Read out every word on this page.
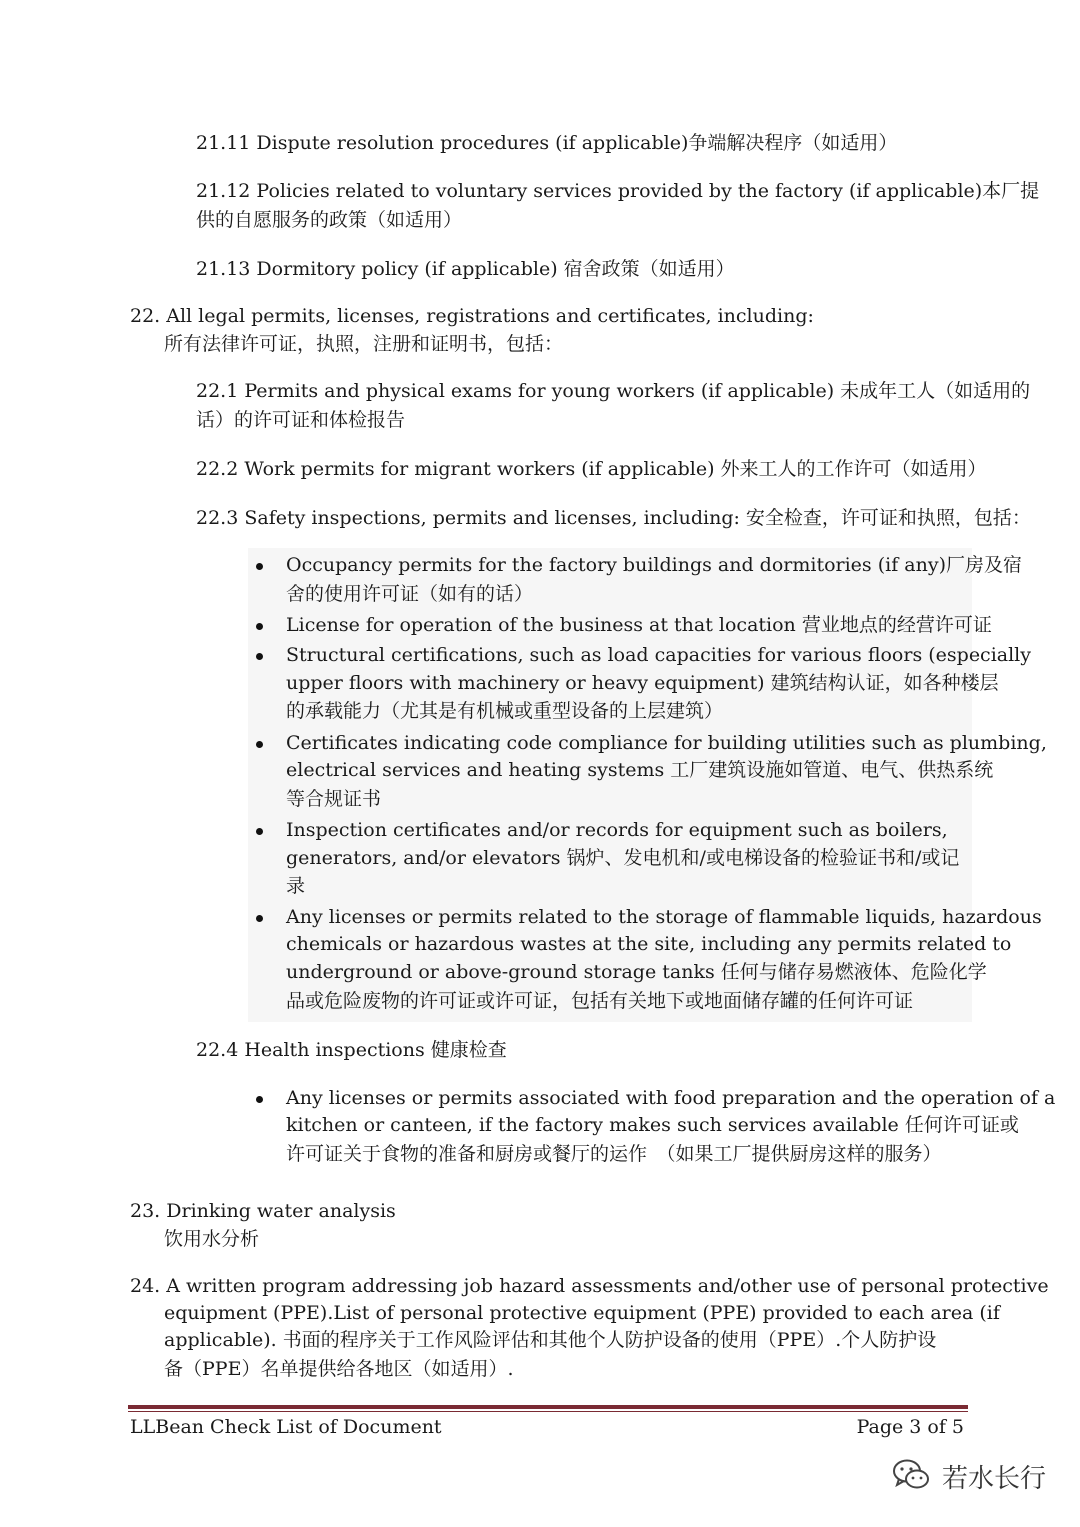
21.11 Dispute resolution procedures (if applicable)争端解决程序（如适用）
21.12 Policies related to voluntary services provided by the factory (if applicable)本厂提
供的自愿服务的政策（如适用）
21.13 Dormitory policy (if applicable) 宿舍政策（如适用）
22. All legal permits, licenses, registrations and certificates, including:
所有法律许可证，执照，注册和证明书，包括：
22.1 Permits and physical exams for young workers (if applicable) 未成年工人（如适用的
话）的许可证和体检报告
22.2 Work permits for migrant workers (if applicable) 外来工人的工作许可（如适用）
22.3 Safety inspections, permits and licenses, including: 安全检查，许可证和执照，包括：
Occupancy permits for the factory buildings and dormitories (if any)厂房及宿
舍的使用许可证（如有的话）
License for operation of the business at that location 营业地点的经营许可证
Structural certifications, such as load capacities for various floors (especially
upper floors with machinery or heavy equipment) 建筑结构认证，如各种楼层
的承载能力（尤其是有机械或重型设备的上层建筑）
Certificates indicating code compliance for building utilities such as plumbing,
electrical services and heating systems 工厂建筑设施如管道、电气、供热系统
等合规证书
Inspection certificates and/or records for equipment such as boilers,
generators, and/or elevators 锅炉、发电机和/或电梯设备的检验证书和/或记
录
Any licenses or permits related to the storage of flammable liquids, hazardous
chemicals or hazardous wastes at the site, including any permits related to
underground or above-ground storage tanks 任何与储存易燃液体、危险化学
品或危险废物的许可证或许可证，包括有关地下或地面储存罐的任何许可证
22.4 Health inspections 健康检查
Any licenses or permits associated with food preparation and the operation of a
kitchen or canteen, if the factory makes such services available 任何许可证或
许可证关于食物的准备和厨房或餐厅的运作　（如果工厂提供厨房这样的服务）
23. Drinking water analysis
饮用水分析
24. A written program addressing job hazard assessments and/other use of personal protective
equipment (PPE).List of personal protective equipment (PPE) provided to each area (if
applicable). 书面的程序关于工作风险评估和其他个人防护设备的使用（PPE）.个人防护设
备（PPE）名单提供给各地区（如适用）.
LLBean Check List of Document	Page 3 of 5
若水长行
